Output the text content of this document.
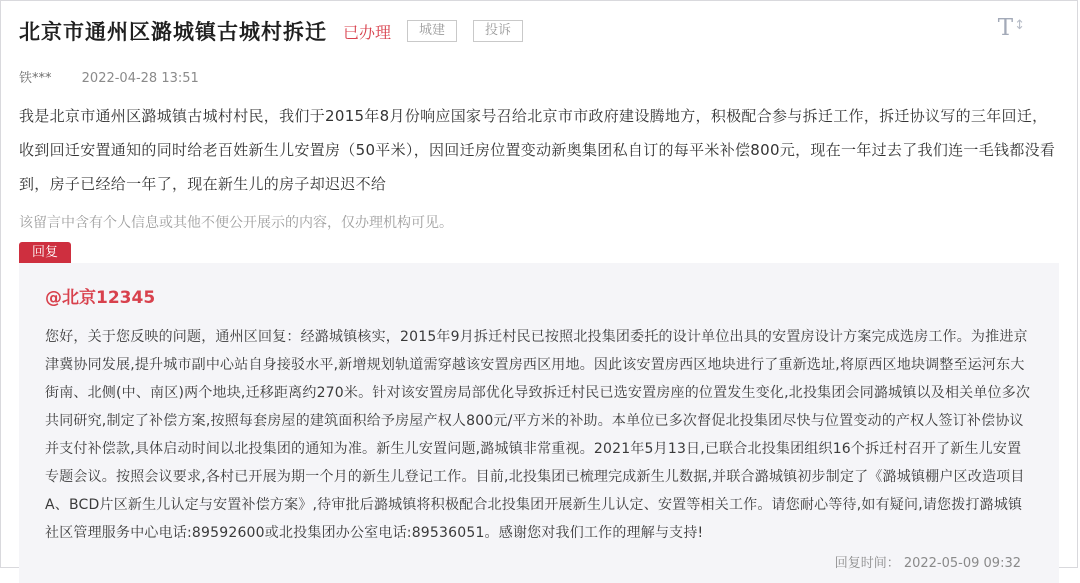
北京市通州区潞城镇古城村拆迁 已办理	城建	投诉	T ↕
铁*** 2022-04-28 13:51
我是北京市通州区潞城镇古城村村民，我们于2015年8月份响应国家号召给北京市市政府建设腾地方，积极配合参与拆迁工作，拆迁协议写的三年回迁，收到回迁安置通知的同时给老百姓新生儿安置房（50平米），因回迁房位置变动新奥集团私自订的每平米补偿800元，现在一年过去了我们连一毛钱都没看到，房子已经给一年了，现在新生儿的房子却迟迟不给
该留言中含有个人信息或其他不便公开展示的内容，仅办理机构可见。
回复
@北京12345
您好，关于您反映的问题，通州区回复：经潞城镇核实，2015年9月拆迁村民已按照北投集团委托的设计单位出具的安置房设计方案完成选房工作。为推进京津冀协同发展,提升城市副中心站自身接驳水平,新增规划轨道需穿越该安置房西区用地。因此该安置房西区地块进行了重新选址,将原西区地块调整至运河东大街南、北侧(中、南区)两个地块,迁移距离约270米。针对该安置房局部优化导致拆迁村民已选安置房座的位置发生变化,北投集团会同潞城镇以及相关单位多次共同研究,制定了补偿方案,按照每套房屋的建筑面积给予房屋产权人800元/平方米的补助。本单位已多次督促北投集团尽快与位置变动的产权人签订补偿协议并支付补偿款,具体启动时间以北投集团的通知为准。新生儿安置问题,潞城镇非常重视。2021年5月13日,已联合北投集团组织16个拆迁村召开了新生儿安置专题会议。按照会议要求,各村已开展为期一个月的新生儿登记工作。目前,北投集团已梳理完成新生儿数据,并联合潞城镇初步制定了《潞城镇棚户区改造项目A、BCD片区新生儿认定与安置补偿方案》,待审批后潞城镇将积极配合北投集团开展新生儿认定、安置等相关工作。请您耐心等待,如有疑问,请您拨打潞城镇社区管理服务中心电话:89592600或北投集团办公室电话:89536051。感谢您对我们工作的理解与支持!
回复时间： 2022-05-09 09:32
